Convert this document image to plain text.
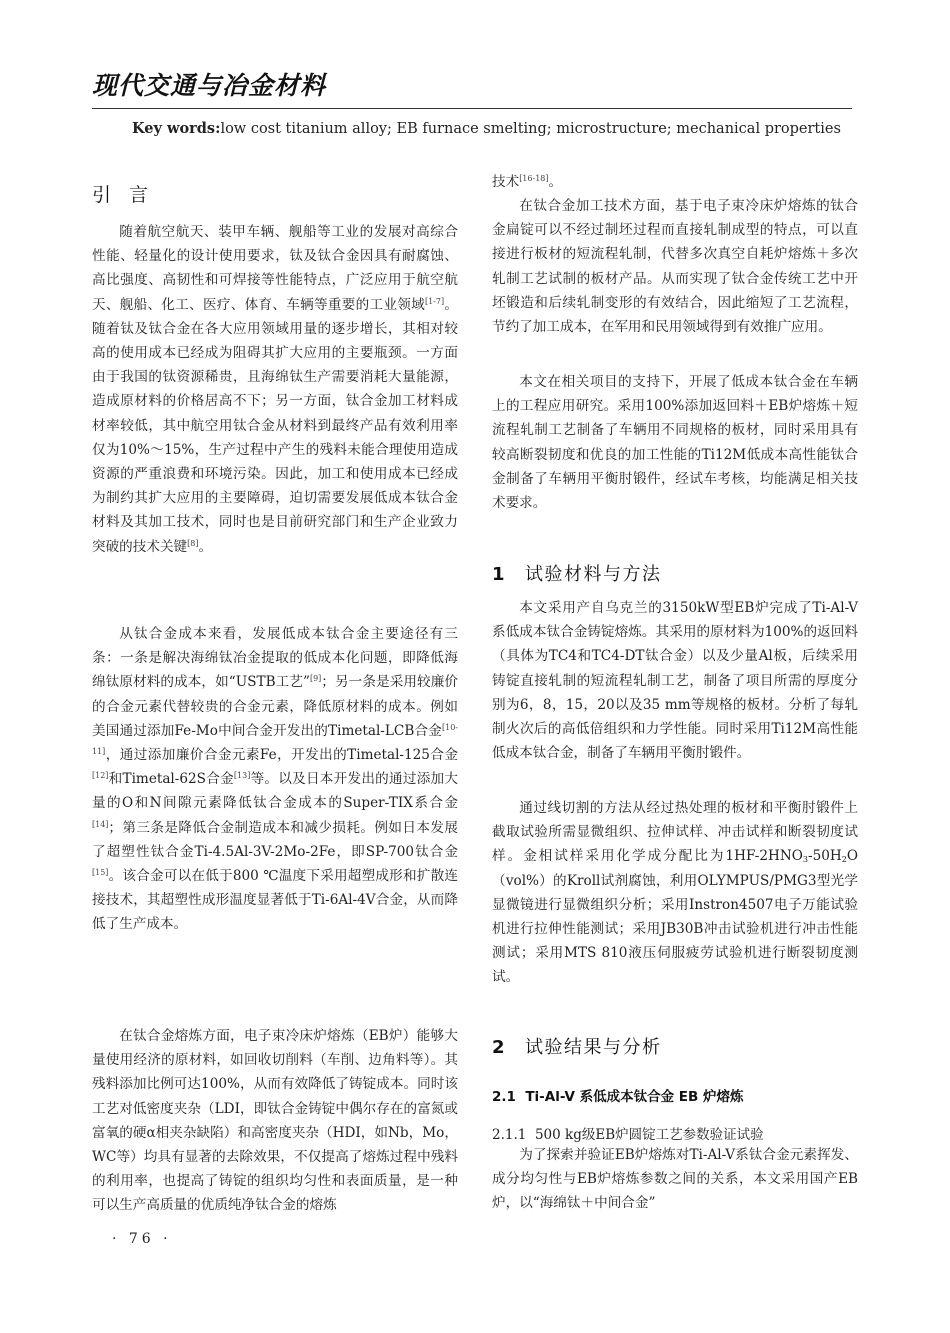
现代交通与冶金材料
Key words:low cost titanium alloy; EB furnace smelting; microstructure; mechanical properties
引言

随着航空航天、装甲车辆、舰船等工业的发展对高综合性能、轻量化的设计使用要求，钛及钛合金因具有耐腐蚀、高比强度、高韧性和可焊接等性能特点，广泛应用于航空航天、舰船、化工、医疗、体育、车辆等重要的工业领域[1-7]。随着钛及钛合金在各大应用领域用量的逐步增长，其相对较高的使用成本已经成为阻碍其扩大应用的主要瓶颈。一方面由于我国的钛资源稀贵，且海绵钛生产需要消耗大量能源，造成原材料的价格居高不下；另一方面，钛合金加工材料成材率较低，其中航空用钛合金从材料到最终产品有效利用率仅为10%～15%，生产过程中产生的残料未能合理使用造成资源的严重浪费和环境污染。因此，加工和使用成本已经成为制约其扩大应用的主要障碍，迫切需要发展低成本钛合金材料及其加工技术，同时也是目前研究部门和生产企业致力突破的技术关键[8]。

从钛合金成本来看，发展低成本钛合金主要途径有三条：一条是解决海绵钛冶金提取的低成本化问题，即降低海绵钛原材料的成本，如“USTB工艺”[9]；另一条是采用较廉价的合金元素代替较贵的合金元素，降低原材料的成本。例如美国通过添加Fe-Mo中间合金开发出的Timetal-LCB合金[10-11]，通过添加廉价合金元素Fe，开发出的Timetal-125合金[12]和Timetal-62S合金[13]等。以及日本开发出的通过添加大量的O和N间隙元素降低钛合金成本的Super-TIX系合金[14]；第三条是降低合金制造成本和减少损耗。例如日本发展了超塑性钛合金Ti-4.5Al-3V-2Mo-2Fe，即SP-700钛合金[15]。该合金可以在低于800 ℃温度下采用超塑成形和扩散连接技术，其超塑性成形温度显著低于Ti-6Al-4V合金，从而降低了生产成本。

在钛合金熔炼方面，电子束冷床炉熔炼（EB炉）能够大量使用经济的原材料，如回收切削料（车削、边角料等）。其残料添加比例可达100%，从而有效降低了铸锭成本。同时该工艺对低密度夹杂（LDI，即钛合金铸锭中偶尔存在的富氮或富氧的硬α相夹杂缺陷）和高密度夹杂（HDI，如Nb，Mo，WC等）均具有显著的去除效果，不仅提高了熔炼过程中残料的利用率，也提高了铸锭的组织均匀性和表面质量，是一种可以生产高质量的优质纯净钛合金的熔炼

· 76 ·

技术[16-18]。

在钛合金加工技术方面，基于电子束冷床炉熔炼的钛合金扁锭可以不经过制坯过程而直接轧制成型的特点，可以直接进行板材的短流程轧制，代替多次真空自耗炉熔炼＋多次轧制工艺试制的板材产品。从而实现了钛合金传统工艺中开坯锻造和后续轧制变形的有效结合，因此缩短了工艺流程，节约了加工成本，在军用和民用领域得到有效推广应用。

本文在相关项目的支持下，开展了低成本钛合金在车辆上的工程应用研究。采用100%添加返回料＋EB炉熔炼＋短流程轧制工艺制备了车辆用不同规格的板材，同时采用具有较高断裂韧度和优良的加工性能的Ti12M低成本高性能钛合金制备了车辆用平衡肘锻件，经试车考核，均能满足相关技术要求。

1 试验材料与方法

本文采用产自乌克兰的3150kW型EB炉完成了Ti-Al-V系低成本钛合金铸锭熔炼。其采用的原材料为100%的返回料（具体为TC4和TC4-DT钛合金）以及少量Al板，后续采用铸锭直接轧制的短流程轧制工艺，制备了项目所需的厚度分别为6，8，15，20以及35 mm等规格的板材。分析了每轧制火次后的高低倍组织和力学性能。同时采用Ti12M高性能低成本钛合金，制备了车辆用平衡肘锻件。

通过线切割的方法从经过热处理的板材和平衡肘锻件上截取试验所需显微组织、拉伸试样、冲击试样和断裂韧度试样。金相试样采用化学成分配比为$1HF-2HNO_3-50H_2O(vol\%)$的Kroll试剂腐蚀，利用OLYMPUS/PMG3型光学显微镜进行显微组织分析；采用Instron4507电子万能试验机进行拉伸性能测试；采用JB30B冲击试验机进行冲击性能测试；采用MTS 810液压伺服疲劳试验机进行断裂韧度测试。

2 试验结果与分析
2.1 Ti-Al-V 系低成本钛合金 EB 炉熔炼
2.1.1 500 kg级EB炉圆锭工艺参数验证试验

为了探索并验证EB炉熔炼对Ti-Al-V系钛合金元素挥发、成分均匀性与EB炉熔炼参数之间的关系，本文采用国产EB炉，以“海绵钛＋中间合金”
